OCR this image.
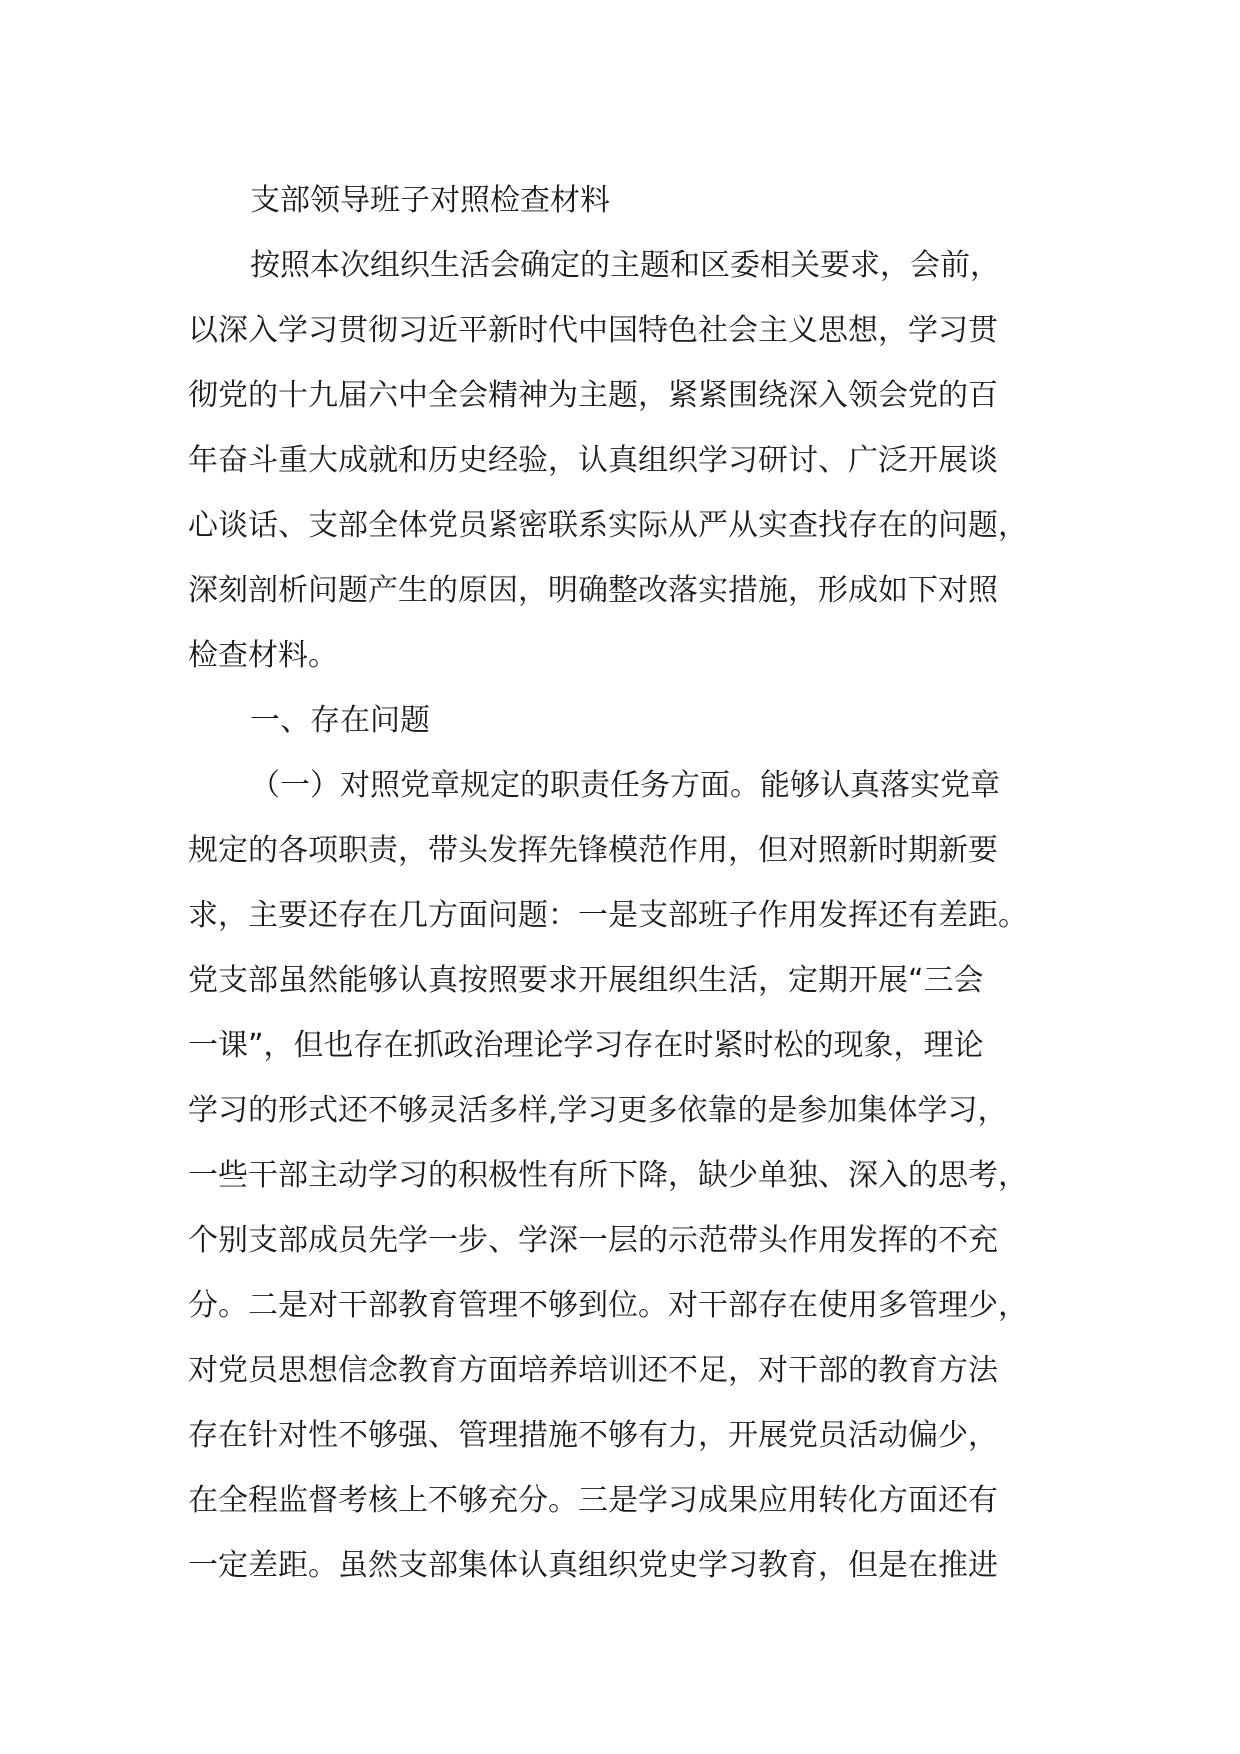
支部领导班子对照检查材料
按照本次组织生活会确定的主题和区委相关要求，会前，
以深入学习贯彻习近平新时代中国特色社会主义思想，学习贯
彻党的十九届六中全会精神为主题，紧紧围绕深入领会党的百
年奋斗重大成就和历史经验，认真组织学习研讨、广泛开展谈
心谈话、支部全体党员紧密联系实际从严从实查找存在的问题，
深刻剖析问题产生的原因，明确整改落实措施，形成如下对照
检查材料。
一、存在问题
（一）对照党章规定的职责任务方面。能够认真落实党章
规定的各项职责，带头发挥先锋模范作用，但对照新时期新要
求，主要还存在几方面问题：一是支部班子作用发挥还有差距。
党支部虽然能够认真按照要求开展组织生活，定期开展“三会
一课”，但也存在抓政治理论学习存在时紧时松的现象，理论
学习的形式还不够灵活多样,学习更多依靠的是参加集体学习，
一些干部主动学习的积极性有所下降，缺少单独、深入的思考，
个别支部成员先学一步、学深一层的示范带头作用发挥的不充
分。二是对干部教育管理不够到位。对干部存在使用多管理少，
对党员思想信念教育方面培养培训还不足，对干部的教育方法
存在针对性不够强、管理措施不够有力，开展党员活动偏少，
在全程监督考核上不够充分。三是学习成果应用转化方面还有
一定差距。虽然支部集体认真组织党史学习教育，但是在推进
